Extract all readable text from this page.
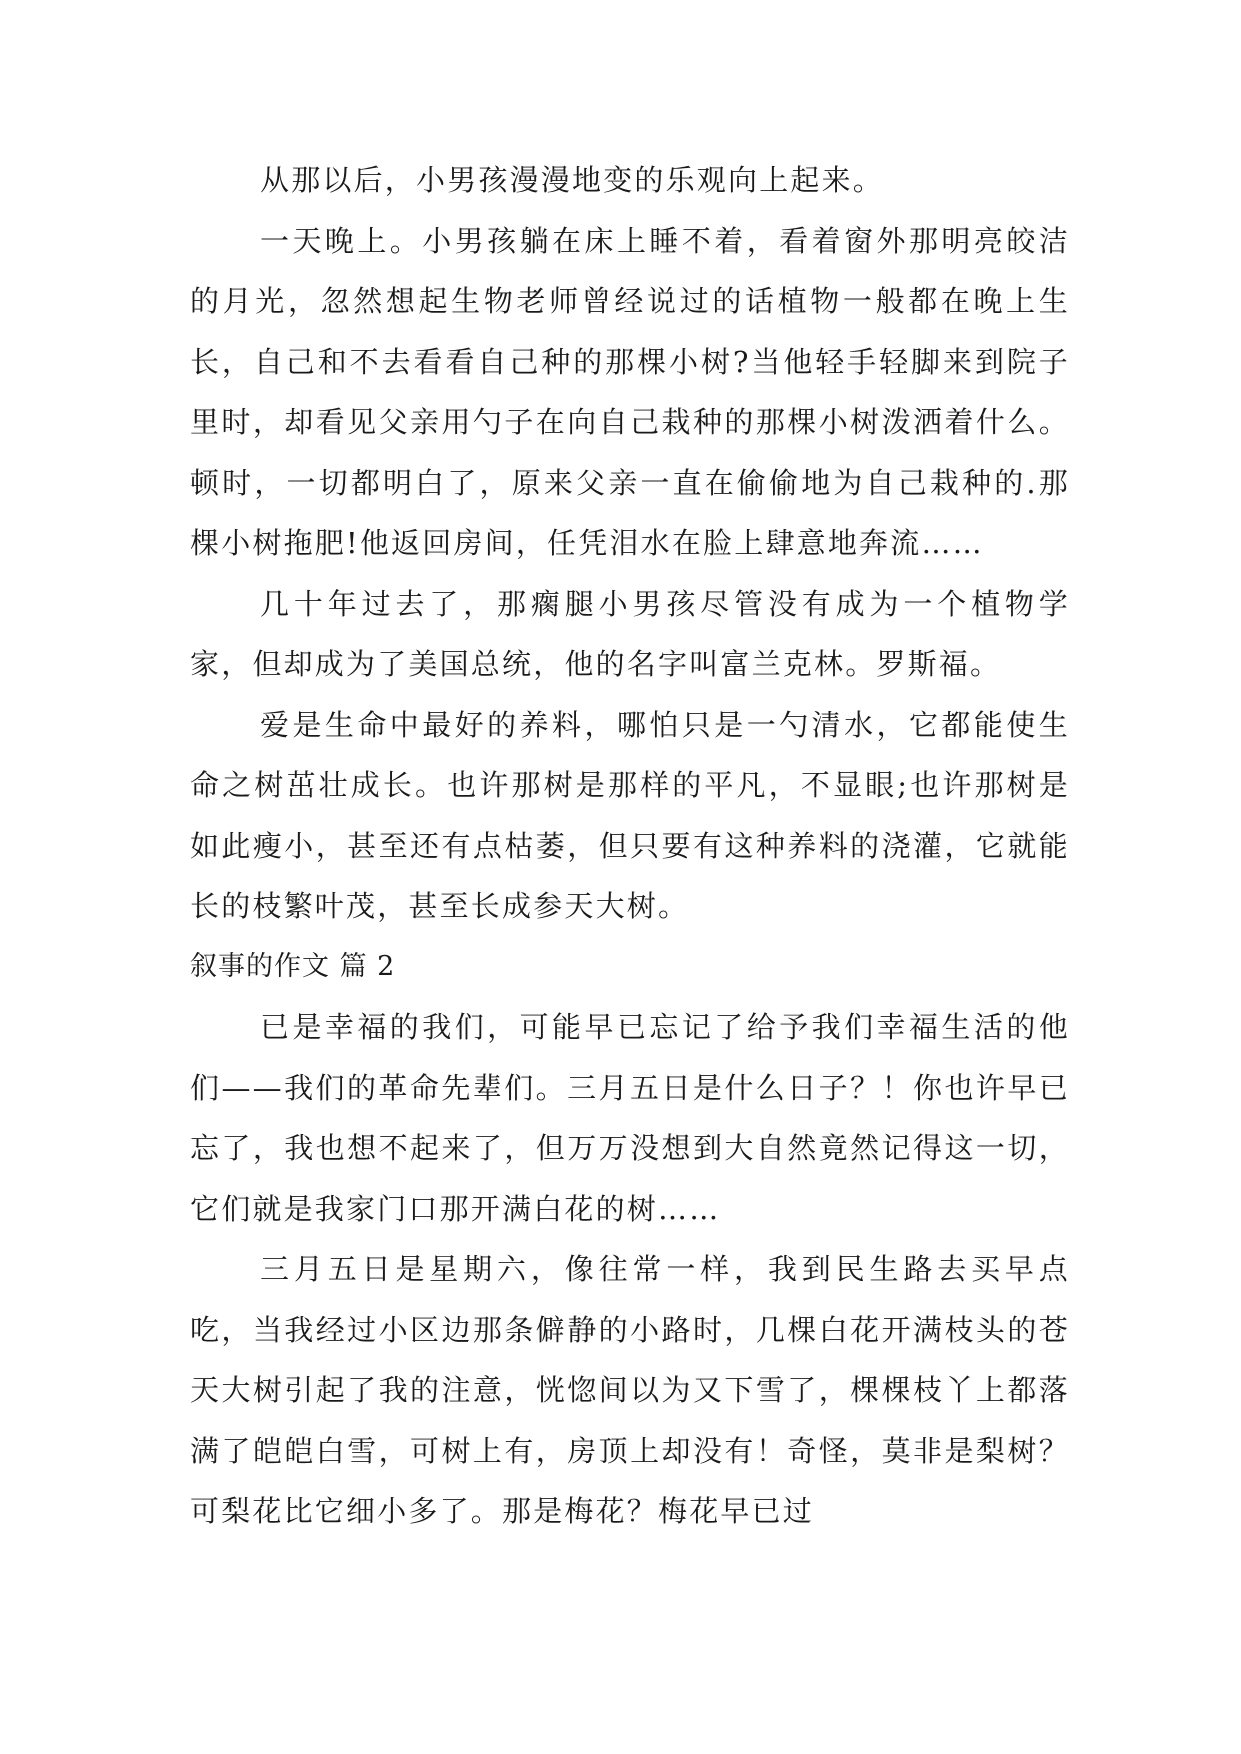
从那以后，小男孩漫漫地变的乐观向上起来。

一天晚上。小男孩躺在床上睡不着，看着窗外那明亮皎洁的月光，忽然想起生物老师曾经说过的话植物一般都在晚上生长，自己和不去看看自己种的那棵小树?当他轻手轻脚来到院子里时，却看见父亲用勺子在向自己栽种的那棵小树泼洒着什么。顿时，一切都明白了，原来父亲一直在偷偷地为自己栽种的.那棵小树拖肥!他返回房间，任凭泪水在脸上肆意地奔流……

几十年过去了，那瘸腿小男孩尽管没有成为一个植物学家，但却成为了美国总统，他的名字叫富兰克林。罗斯福。

爱是生命中最好的养料，哪怕只是一勺清水，它都能使生命之树茁壮成长。也许那树是那样的平凡，不显眼;也许那树是如此瘦小，甚至还有点枯萎，但只要有这种养料的浇灌，它就能长的枝繁叶茂，甚至长成参天大树。

叙事的作文 篇 2

已是幸福的我们，可能早已忘记了给予我们幸福生活的他们——我们的革命先辈们。三月五日是什么日子？！你也许早已忘了，我也想不起来了，但万万没想到大自然竟然记得这一切，它们就是我家门口那开满白花的树……

三月五日是星期六，像往常一样，我到民生路去买早点吃，当我经过小区边那条僻静的小路时，几棵白花开满枝头的苍天大树引起了我的注意，恍惚间以为又下雪了，棵棵枝丫上都落满了皑皑白雪，可树上有，房顶上却没有！奇怪，莫非是梨树？可梨花比它细小多了。那是梅花？梅花早已过
